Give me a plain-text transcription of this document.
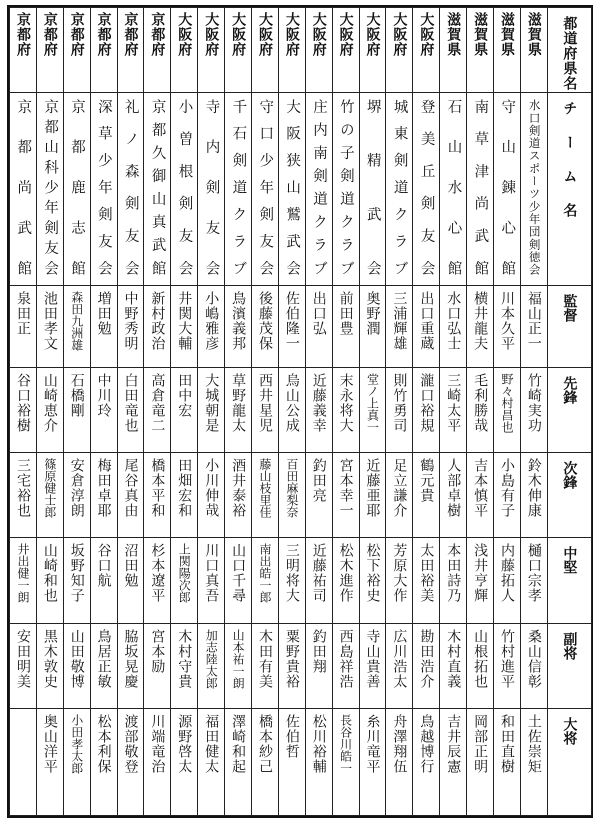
都道府県名	滋賀県	滋賀県	滋賀県	滋賀県	大阪府	大阪府	大阪府	大阪府	大阪府	大阪府	大阪府	大阪府	大阪府	大阪府	京都府	京都府	京都府	京都府	京都府	京都府

チーム名	水口剣道スポーツ少年団剣徳会	守山錬心館	南草津尚武館	石山水心館	登美丘剣友会	城東剣道クラブ	堺精武会	竹の子剣道クラブ	庄内南剣道クラブ	大阪狭山鷲武会	守口少年剣友会	千石剣道クラブ	寺内剣友会	小曽根剣友会	京都久御山真武館	礼ノ森剣友会	深草少年剣友会	京都鹿志館	京都山科少年剣友会	京都尚武館

監督	福山正一	川本久平	横井龍夫	水口弘士	出口重蔵	三浦輝雄	奥野潤	前田豊	出口弘	佐伯隆一	後藤茂保	鳥濱義邦	小嶋雅彦	井関大輔	新村政治	中野秀明	増田勉	森田九洲雄	池田孝文	泉田正

先鋒	竹崎実功	野々村昌也	毛利勝哉	三崎太平	瀧口裕規	則竹勇司	堂ノ上真一	末永将大	近藤義幸	烏山公成	西井星児	草野龍太	大城朝是	田中宏	高倉竜二	白田竜也	中川玲	石橋剛	山崎恵介	谷口裕樹

次鋒	鈴木伸康	小島有子	吉本慎平	人部卓樹	鶴元貴	足立謙介	近藤亜耶	宮本幸一	釣田亮	百田麻梨奈	藤山枝里佳	酒井泰裕	小川伸哉	田畑宏和	橋本平和	尾谷真由	梅田卓耶	安倉淳朗	篠原健士郎	三宅裕也

中堅	樋口宗孝	内藤拓人	浅井亨輝	本田詩乃	太田裕美	芳原大作	松下裕史	松木進作	近藤祐司	三明将大	南出皓一郎	山口千尋	川口真吾	上関陽次郎	杉本遼平	沼田勉	谷口航	坂野知子	山崎和也	井出健一朗

副将	桑山信彰	竹村進平	山根拓也	木村直義	勘田浩介	広川浩太	寺山貴善	西島祥浩	釣田翔	粟野貴裕	木田有美	山本祐一朗	加志陸太郎	木村守貴	宮本励	脇坂晃慶	鳥居正敏	山田敬博	黒木敦史	安田明美

大将	土佐崇矩	和田直樹	岡部正明	吉井辰憲	鳥越博行	舟澤翔伍	糸川竜平	長谷川皓一	松川裕輔	佐伯哲	橋本紗己	澤崎和起	福田健太	源野啓太	川端竜治	渡部敬登	松本利保	小田孝太郎	奥山洋平	
